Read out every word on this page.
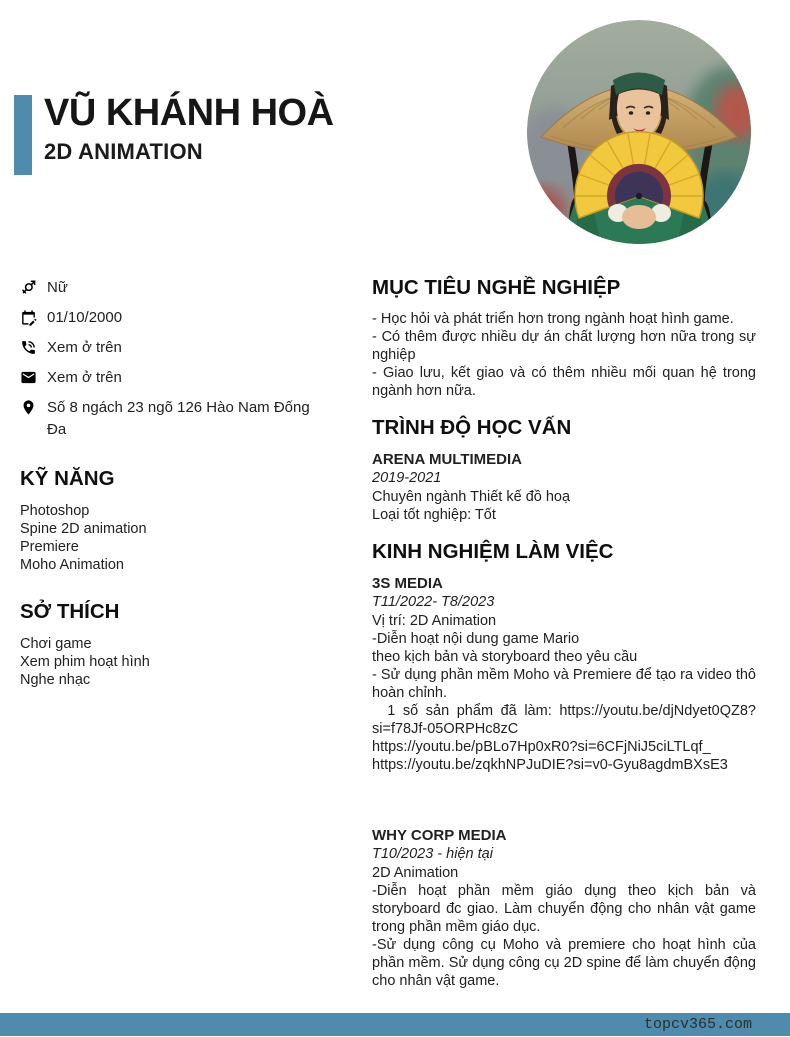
VŨ KHÁNH HOÀ
2D ANIMATION
Nữ
01/10/2000
Xem ở trên
Xem ở trên
Số 8 ngách 23 ngõ 126 Hào Nam Đống Đa
KỸ NĂNG
Photoshop
Spine 2D animation
Premiere
Moho Animation
SỞ THÍCH
Chơi game
Xem phim hoạt hình
Nghe nhạc
MỤC TIÊU NGHỀ NGHIỆP

- Học hỏi và phát triển hơn trong ngành hoạt hình game.

- Có thêm được nhiều dự án chất lượng hơn nữa trong sự nghiệp

- Giao lưu, kết giao và có thêm nhiều mối quan hệ trong ngành hơn nữa.

TRÌNH ĐỘ HỌC VẤN
ARENA MULTIMEDIA
2019-2021
Chuyên ngành Thiết kế đồ hoạ
Loại tốt nghiệp: Tốt
KINH NGHIỆM LÀM VIỆC
3S MEDIA
T11/2022- T8/2023

Vị trí: 2D Animation

-Diễn hoạt nội dung game Mario

theo kịch bản và storyboard theo yêu cầu

- Sử dụng phần mềm Moho và Premiere để tạo ra video thô hoàn chỉnh.

1 số sản phẩm đã làm: https://youtu.be/djNdyet0QZ8?si=f78Jf-05ORPHc8zC

https://youtu.be/pBLo7Hp0xR0?si=6CFjNiJ5ciLTLqf_

https://youtu.be/zqkhNPJuDIE?si=v0-Gyu8agdmBXsE3

WHY CORP MEDIA
T10/2023 - hiện tại

2D Animation

-Diễn hoạt phần mềm giáo dụng theo kịch bản và storyboard đc giao. Làm chuyển động cho nhân vật game trong phần mềm giáo dục.

-Sử dụng công cụ Moho và premiere cho hoạt hình của phần mềm. Sử dụng công cụ 2D spine để làm chuyển động cho nhân vật game.

topcv365.com
